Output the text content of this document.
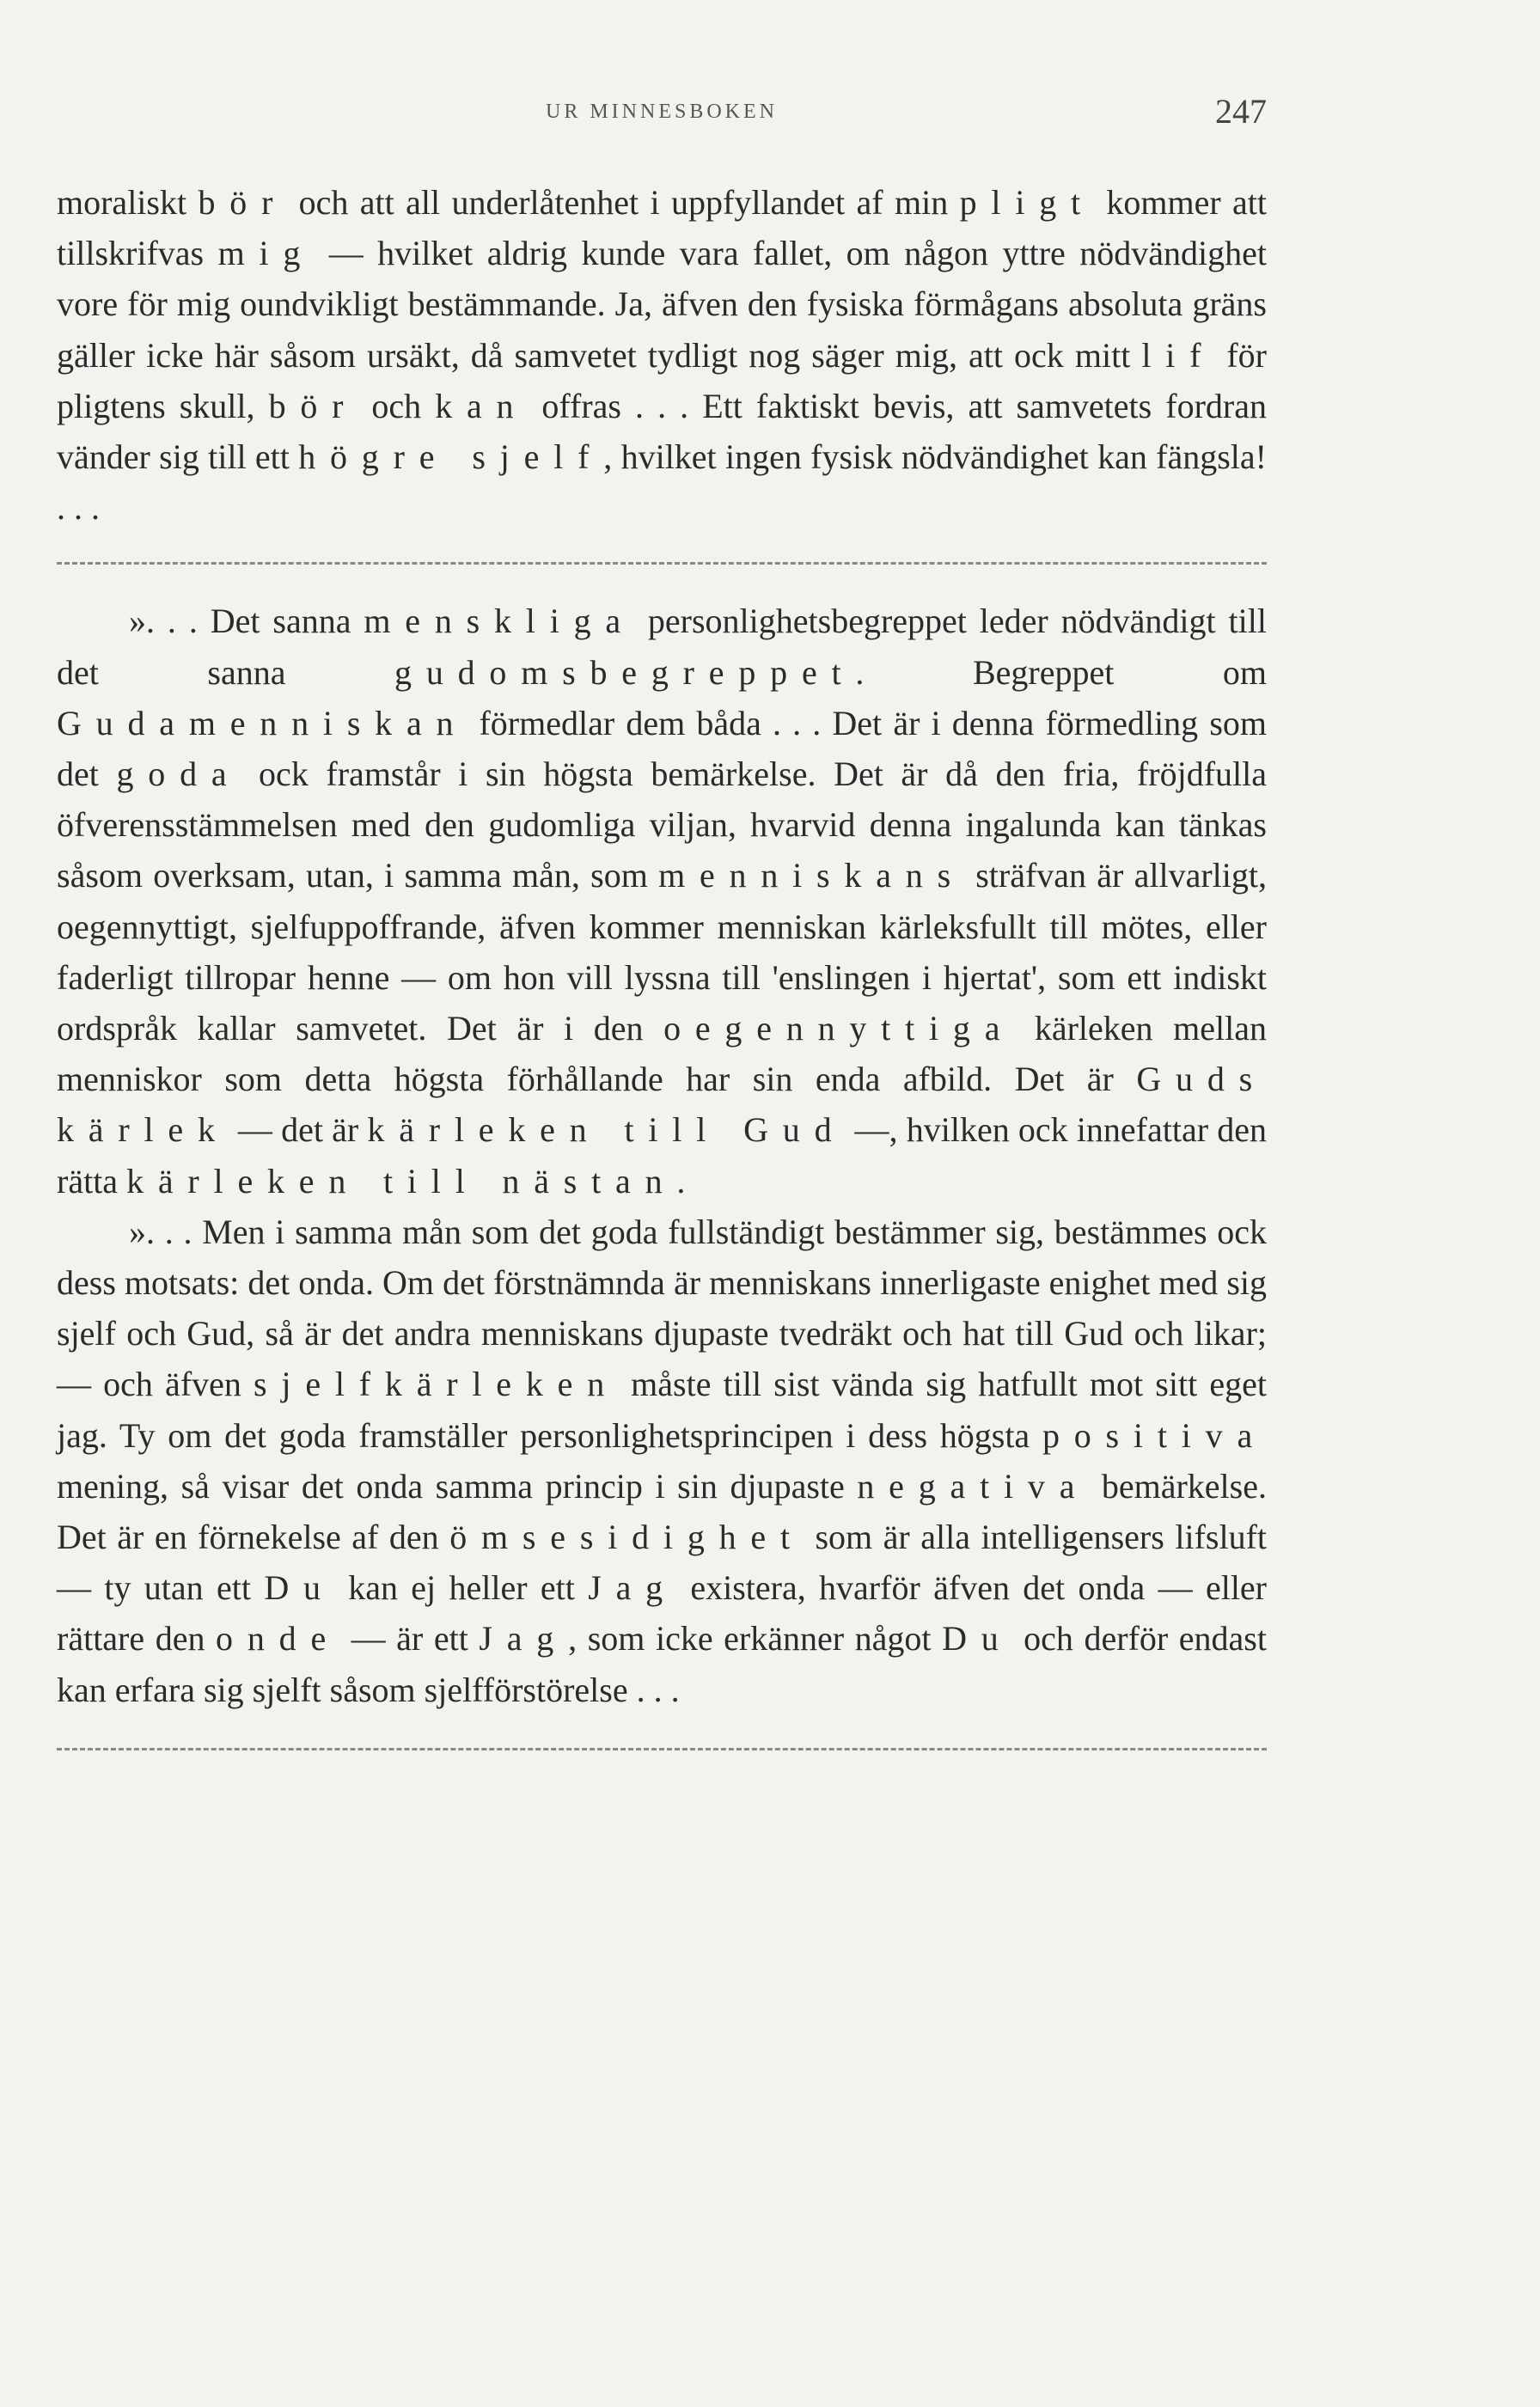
UR MINNESBOKEN	247

moraliskt bör och att all underlåtenhet i uppfyllandet af min pligt kommer att tillskrifvas mig — hvilket aldrig kunde vara fallet, om någon yttre nödvändighet vore för mig oundvikligt bestämmande. Ja, äfven den fysiska förmågans absoluta gräns gäller icke här såsom ursäkt, då samvetet tydligt nog säger mig, att ock mitt lif för pligtens skull, bör och kan offras . . . Ett faktiskt bevis, att samvetets fordran vänder sig till ett högre sjelf, hvilket ingen fysisk nödvändighet kan fängsla! . . .

». . . Det sanna menskliga personlighetsbegreppet leder nödvändigt till det sanna gudomsbegreppet. Begreppet om Gudamenniskan förmedlar dem båda . . . Det är i denna förmedling som det goda ock framstår i sin högsta bemärkelse. Det är då den fria, fröjdfulla öfverensstämmelsen med den gudomliga viljan, hvarvid denna ingalunda kan tänkas såsom overksam, utan, i samma mån, som menniskans sträfvan är allvarligt, oegennyttigt, sjelfuppoffrande, äfven kommer menniskan kärleksfullt till mötes, eller faderligt tillropar henne — om hon vill lyssna till 'enslingen i hjertat', som ett indiskt ordspråk kallar samvetet. Det är i den oegennyttiga kärleken mellan menniskor som detta högsta förhållande har sin enda afbild. Det är Guds kärlek — det är kärleken till Gud —, hvilken ock innefattar den rätta kärleken till nästan.

». . . Men i samma mån som det goda fullständigt bestämmer sig, bestämmes ock dess motsats: det onda. Om det förstnämnda är menniskans innerligaste enighet med sig sjelf och Gud, så är det andra menniskans djupaste tvedräkt och hat till Gud och likar; — och äfven sjelfkärleken måste till sist vända sig hatfullt mot sitt eget jag. Ty om det goda framställer personlighetsprincipen i dess högsta positiva mening, så visar det onda samma princip i sin djupaste negativa bemärkelse. Det är en förnekelse af den ömsesidighet som är alla intelligensers lifsluft — ty utan ett Du kan ej heller ett Jag existera, hvarför äfven det onda — eller rättare den onde — är ett Jag, som icke erkänner något Du och derför endast kan erfara sig sjelft såsom sjelfförstörelse . . .
